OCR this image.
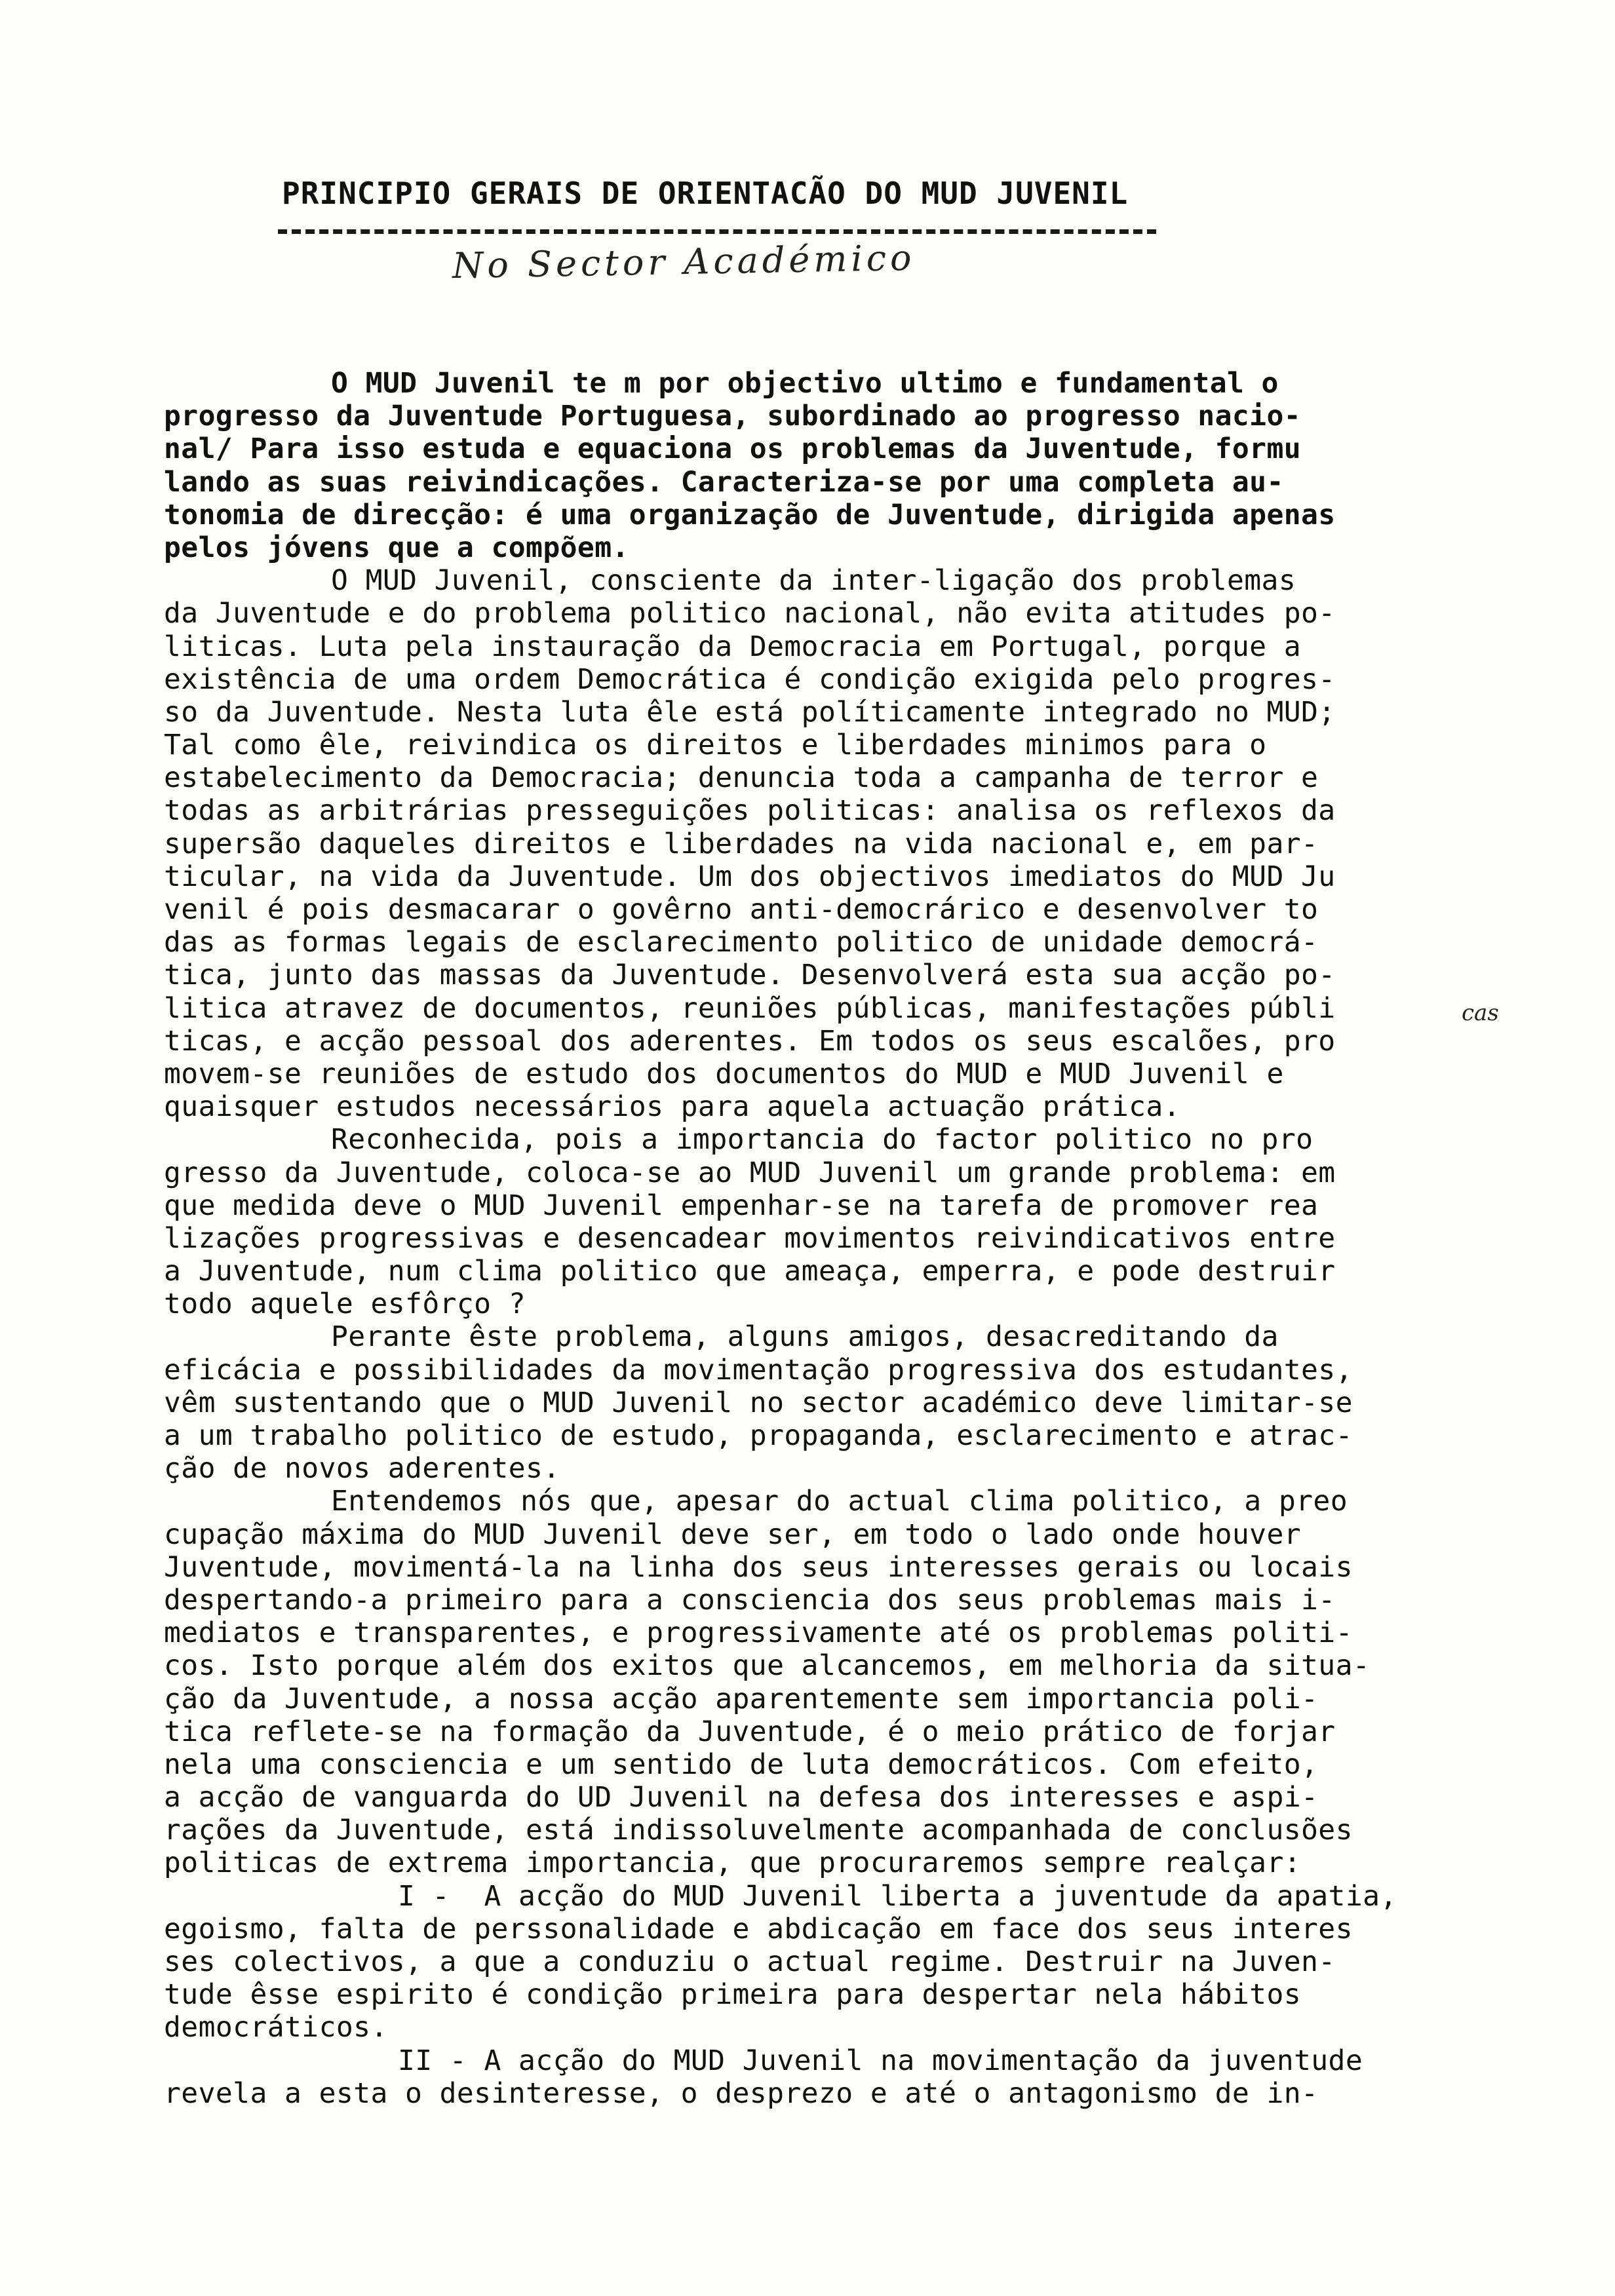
PRINCIPIO GERAIS DE ORIENTACÃO DO MUD JUVENIL
No Sector Académico
O MUD Juvenil te m por objectivo ultimo e fundamental o
progresso da Juventude Portuguesa, subordinado ao progresso nacio-
nal/ Para isso estuda e equaciona os problemas da Juventude, formu
lando as suas reivindicações. Caracteriza-se por uma completa au-
tonomia de direcção: é uma organização de Juventude, dirigida apenas
pelos jóvens que a compõem.
O MUD Juvenil, consciente da inter-ligação dos problemas
da Juventude e do problema politico nacional, não evita atitudes po-
liticas. Luta pela instauração da Democracia em Portugal, porque a
existência de uma ordem Democrática é condição exigida pelo progres-
so da Juventude. Nesta luta êle está políticamente integrado no MUD;
Tal como êle, reivindica os direitos e liberdades minimos para o
estabelecimento da Democracia; denuncia toda a campanha de terror e
todas as arbitrárias presseguições politicas: analisa os reflexos da
supersão daqueles direitos e liberdades na vida nacional e, em par-
ticular, na vida da Juventude. Um dos objectivos imediatos do MUD Ju
venil é pois desmacarar o govêrno anti-democrárico e desenvolver to
das as formas legais de esclarecimento politico de unidade democrá-
tica, junto das massas da Juventude. Desenvolverá esta sua acção po-
litica atravez de documentos, reuniões públicas, manifestações públi
ticas, e acção pessoal dos aderentes. Em todos os seus escalões, pro
movem-se reuniões de estudo dos documentos do MUD e MUD Juvenil e
quaisquer estudos necessários para aquela actuação prática.
Reconhecida, pois a importancia do factor politico no pro
gresso da Juventude, coloca-se ao MUD Juvenil um grande problema: em
que medida deve o MUD Juvenil empenhar-se na tarefa de promover rea
lizações progressivas e desencadear movimentos reivindicativos entre
a Juventude, num clima politico que ameaça, emperra, e pode destruir
todo aquele esfôrço ?
Perante êste problema, alguns amigos, desacreditando da
eficácia e possibilidades da movimentação progressiva dos estudantes,
vêm sustentando que o MUD Juvenil no sector académico deve limitar-se
a um trabalho politico de estudo, propaganda, esclarecimento e atrac-
ção de novos aderentes.
Entendemos nós que, apesar do actual clima politico, a preo
cupação máxima do MUD Juvenil deve ser, em todo o lado onde houver
Juventude, movimentá-la na linha dos seus interesses gerais ou locais
despertando-a primeiro para a consciencia dos seus problemas mais i-
mediatos e transparentes, e progressivamente até os problemas politi-
cos. Isto porque além dos exitos que alcancemos, em melhoria da situa-
ção da Juventude, a nossa acção aparentemente sem importancia poli-
tica reflete-se na formação da Juventude, é o meio prático de forjar
nela uma consciencia e um sentido de luta democráticos. Com efeito,
a acção de vanguarda do UD Juvenil na defesa dos interesses e aspi-
rações da Juventude, está indissoluvelmente acompanhada de conclusões
politicas de extrema importancia, que procuraremos sempre realçar:
I -  A acção do MUD Juvenil liberta a juventude da apatia,
egoismo, falta de perssonalidade e abdicação em face dos seus interes
ses colectivos, a que a conduziu o actual regime. Destruir na Juven-
tude êsse espirito é condição primeira para despertar nela hábitos
democráticos.
II - A acção do MUD Juvenil na movimentação da juventude
revela a esta o desinteresse, o desprezo e até o antagonismo de in-
cas
